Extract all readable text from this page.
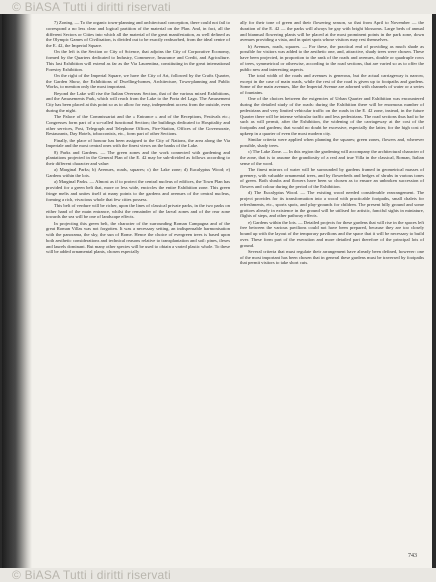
7) Zoning. — To the organic town-planning and architectural conception, there could not fail to correspond a no less clear and logical partition of the material on the Plan. And, in fact, all the different Sectors or Cities into which all the material of the great manifestation, as well defined as the Olympic Games of Civilisation, is divided out to be exactly reabsorbed, from the ideal centre of the E. 42, the Imperial Square.

On the left is the Section or City of Science, that adjoins the City of Corporative Economy, formed by the Quarters dedicated to Industry, Commerce, Insurance and Credit, and Agriculture. This last Exhibition will extend as far as the Via Laurentina, constituting in the great international Forestry Exhibition.

On the right of the Imperial Square, we have the City of Art, followed by the Crafts Quarter, the Garden Show, the Exhibitions of Dwelling-homes, Architecture, Town-planning and Public Works, to mention only the most important.

Beyond the Lake will rise the Italian Overseas Section, that of the various mixed Exhibitions, and the Amusements Park, which will reach from the Lake to the Porta del Lago. The Amusement City has been placed at this point so as to allow for easy, independent access from the outside, even during the night.

The Palace of the Commissariat and the « Entrance » and of the Receptions, Festivals etc.; Congresses form part of a so-called functional Section; the buildings dedicated to Hospitality and other services, Post, Telegraph and Telephone Offices, Fire-Station, Offices of the Governorate, Restaurants, Day Hotels, tobacconists, etc., form part of other Sections.

Finally, the place of honour has been assigned to the City of Nations, the area along the Via Imperiale and the most central ones with the finest views on the banks of the Lake.

8) Parks and Gardens. — The green zones and the work connected with gardening and plantations projected in the General Plan of the E. 42 may be sub-divided as follows according to their different character and value:

a) Marginal Parks; b) Avenues, roads, squares; c) the Lake zone; d) Eucalyptus Wood; e) Gardens within the lots.

a) Marginal Parks. — Almost as if to protect the central nucleus of edifices, the Town Plan has provided for a green belt that, more or less wide, encircles the entire Exhibition zone. This green fringe melts and unites itself at many points to the gardens and avenues of the central nucleus, forming a rich, vivacious whole that few cities possess.

This belt of verdure will be richer, upon the lines of classical private parks, in the two parks on either hand of the main entrance, whilst the remainder of the larval zones and of the rear zone towards the sea will be one of landscape effects.

In projecting this green belt, the character of the surrounding Roman Campagna and of the great Roman Villas was not forgotten. It was a necessary setting, an indispensable harmonisation with the panorama, the sky, the sun of Rome. Hence the choice of evergreen trees is based upon both aesthetic considerations and technical reasons relative to transplantation and soil: pines, ilexes and laurels dominant. But many other species will be used to obtain a varied plastic whole. To these will be added ornamental plants, chosen especially

ally for their tone of green and their flowering season, so that from April to November — the duration of the E. 42 — the parks will always be gay with bright blossoms. Large beds of annual and biannual flowering plants will be placed at the most prominent points in the park zone, down avenues providing a vista, and in quiet spots whose visitors may rest themselves.

b) Avenues, roads, squares. — For these, the practical end of providing as much shade as possible for visitors was added to the aesthetic one, and, attractive, shady trees were chosen. These have been projected, in proportion to the rank of the roads and avenues, double or quadruple rows of trees, symmetrical or otherwise, according to the road sections, that are varied so as to offer the public new and interesting aspects.

The total width of the roads and avenues is generous, but the actual carriageway is narrow, except in the case of main roads, while the rest of the road is given up to footpaths and gardens. Some of the main avenues, like the Imperial Avenue are adorned with channels of water or a series of fountains.

One of the choices between the exigencies of Urban Quarter and Exhibition was encountered during the detailed study of the roads: during the Exhibition there will be enormous number of pedestrians and very limited vehicular traffic on the roads in the E. 42 zone, instead, in the future Quarter there will be intense vehicular traffic and less pedestrians. The road sections thus had to be such as will permit, after the Exhibition, the widening of the carriageway at the cost of the footpaths and gardens; that would no doubt be excessive, especially the latter, for the high cost of upkeep in a quarter of even the most modern city.

Similar criteria were applied when planning the squares; green zones, flowers and, wherever possible, shady trees.

c) The Lake Zone. — In this region the gardening will accompany the architectural character of the zone, that is to assume the grandiosity of a real and true Villa in the classical, Roman, Italian sense of the word.

The finest mirrors of water will be surrounded by gardens framed in geometrical masses of greenery, with valuable ornamental trees, and by flowerbeds and hedges of shrubs in various tones of green. Both shrubs and flowers have been so chosen as to ensure an unbroken succession of flowers and colour during the period of the Exhibition.

d) The Eucalyptus Wood. — The existing wood needed considerable rearrangement. The project provides for its transformation into a wood with practicable footpaths, small chalets for refreshments, etc., sports spots, and play-grounds for children. The present hilly ground and some grottoes already in existence in the ground will be utilised for artistic, fanciful sights in miniature, flights of steps, and other pathway effects.

e) Gardens within the lots. — Detailed projects for these gardens that will rise in the spaces left free between the various pavilions could not have been prepared, because they are too closely bound up with the layout of the temporary pavilions and the space that it will be necessary to build over. These form part of the execution and more detailed part therefore of the principal lots of ground.

Several criteria that must regulate their arrangement have already been defined, however: one of the most important has been chosen that in general these gardens must be traversed by footpaths that permit visitors to take short cuts.

743
© BiASA Tutti i diritti riservati
© BiASA Tutti i diritti riservati
